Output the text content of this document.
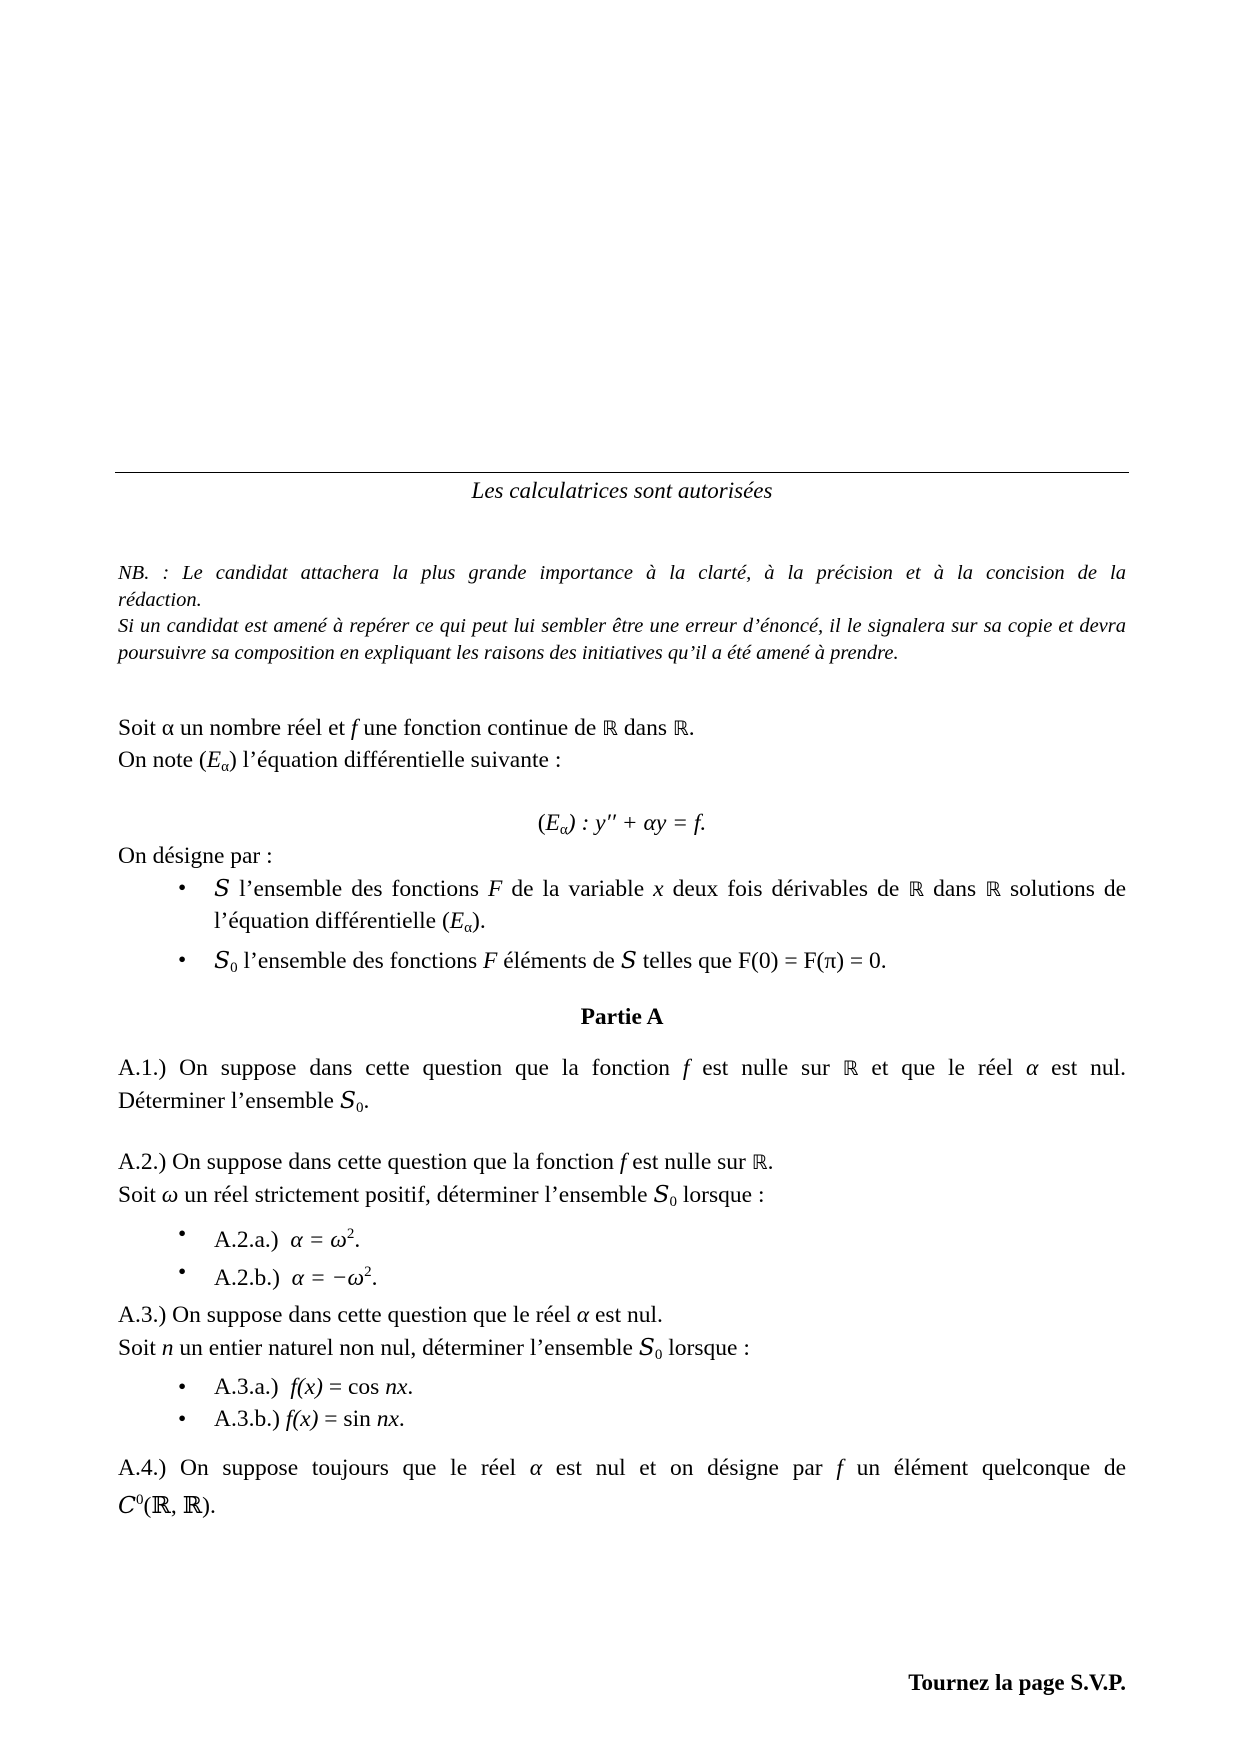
Les calculatrices sont autorisées

NB. : Le candidat attachera la plus grande importance à la clarté, à la précision et à la concision de la

rédaction.

Si un candidat est amené à repérer ce qui peut lui sembler être une erreur d’énoncé, il le signalera sur sa copie et devra poursuivre sa composition en expliquant les raisons des initiatives qu’il a été amené à prendre.

Soit α un nombre réel et f une fonction continue de ℝ dans ℝ.

On note $(E_\alpha)$ l’équation différentielle suivante :

$(E_\alpha)$ : y′′ + αy = f.

On désigne par :

• S l’ensemble des fonctions F de la variable x deux fois dérivables de ℝ dans ℝ solutions de l’équation différentielle $(E_\alpha)$.
• $S_0$ l’ensemble des fonctions F éléments de S telles que F(0) = F(π) = 0.
Partie A

A.1.) On suppose dans cette question que la fonction f est nulle sur ℝ et que le réel α est nul.

Déterminer l’ensemble $S_0$.

A.2.) On suppose dans cette question que la fonction f est nulle sur ℝ.

Soit ω un réel strictement positif, déterminer l’ensemble $S_0$ lorsque :

• A.2.a.) $\alpha = \omega^2$.
• A.2.b.) $\alpha = -\omega^2$.

A.3.) On suppose dans cette question que le réel α est nul.

Soit n un entier naturel non nul, déterminer l’ensemble $S_0$ lorsque :

• A.3.a.) f(x) = cos nx.
• A.3.b.) f(x) = sin nx.

A.4.) On suppose toujours que le réel α est nul et on désigne par f un élément quelconque de

$C^0(ℝ$, ℝ).

Tournez la page S.V.P.
